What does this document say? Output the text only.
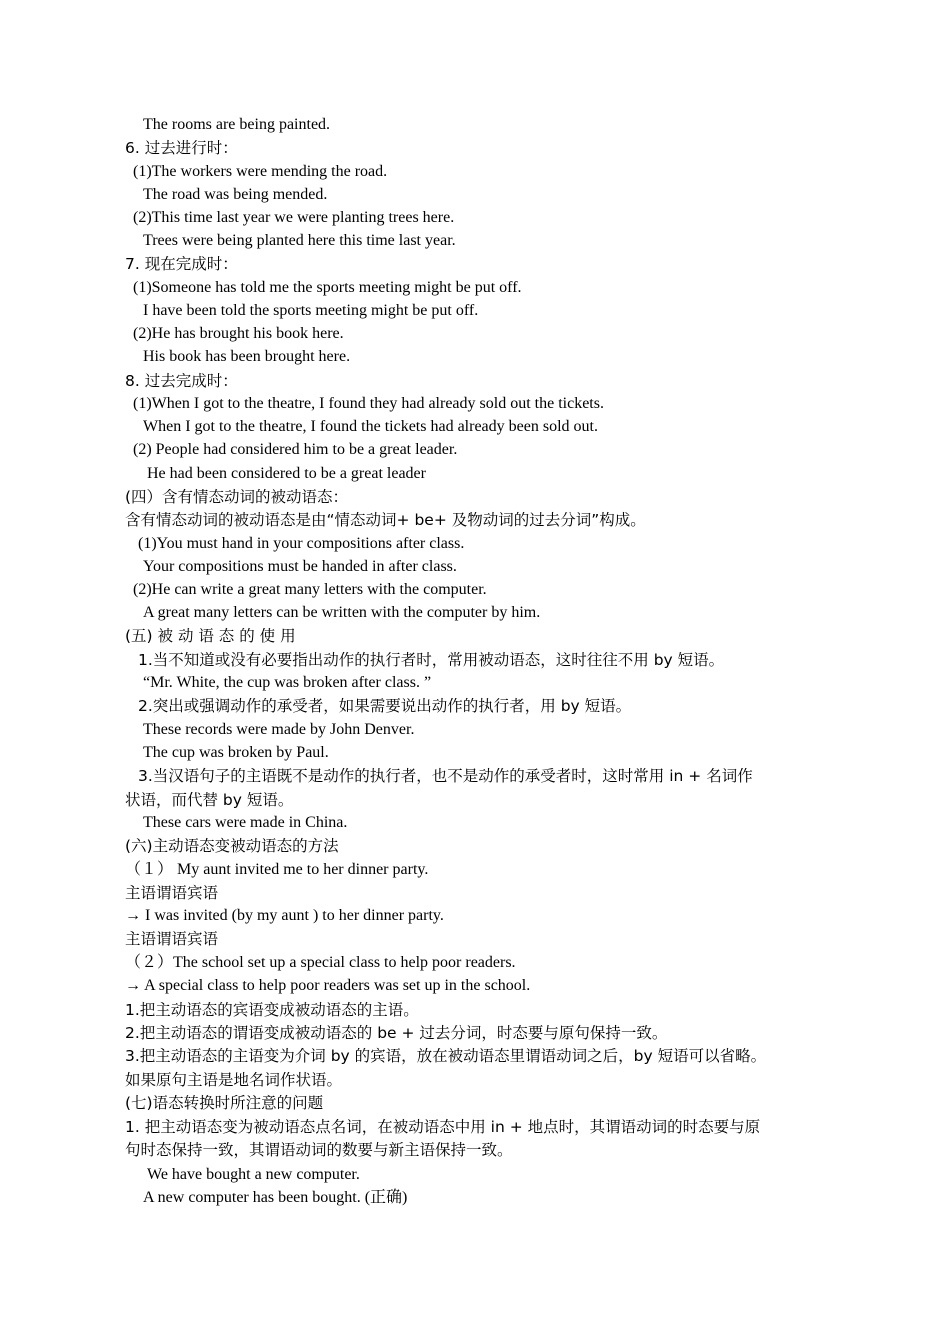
The rooms are being painted.
6. 过去进行时：
(1)The workers were mending the road.
The road was being mended.
(2)This time last year we were planting trees here.
Trees were being planted here this time last year.
7. 现在完成时：
(1)Someone has told me the sports meeting might be put off.
I have been told the sports meeting might be put off.
(2)He has brought his book here.
His book has been brought here.
8. 过去完成时：
(1)When I got to the theatre, I found they had already sold out the tickets.
When I got to the theatre, I found the tickets had already been sold out.
(2) People had considered him to be a great leader.
He had been considered to be a great leader
(四）含有情态动词的被动语态：
含有情态动词的被动语态是由“情态动词+ be+ 及物动词的过去分词”构成。
(1)You must hand in your compositions after class.
Your compositions must be handed in after class.
(2)He can write a great many letters with the computer.
A great many letters can be written with the computer by him.
(五) 被 动 语 态 的 使 用
1.当不知道或没有必要指出动作的执行者时，常用被动语态，这时往往不用 by 短语。
“Mr. White, the cup was broken after class. ”
2.突出或强调动作的承受者，如果需要说出动作的执行者，用 by 短语。
These records were made by John Denver.
The cup was broken by Paul.
3.当汉语句子的主语既不是动作的执行者，也不是动作的承受者时，这时常用 in + 名词作
状语，而代替 by 短语。
These cars were made in China.
(六)主动语态变被动语态的方法
（１） My aunt invited me to her dinner party.
主语谓语宾语
→ I was invited (by my aunt ) to her dinner party.
主语谓语宾语
（２）The school set up a special class to help poor readers.
→ A special class to help poor readers was set up in the school.
1.把主动语态的宾语变成被动语态的主语。
2.把主动语态的谓语变成被动语态的 be + 过去分词，时态要与原句保持一致。
3.把主动语态的主语变为介词 by 的宾语，放在被动语态里谓语动词之后，by 短语可以省略。
如果原句主语是地名词作状语。
(七)语态转换时所注意的问题
1. 把主动语态变为被动语态点名词，在被动语态中用 in + 地点时，其谓语动词的时态要与原
句时态保持一致，其谓语动词的数要与新主语保持一致。
We have bought a new computer.
A new computer has been bought. (正确)
